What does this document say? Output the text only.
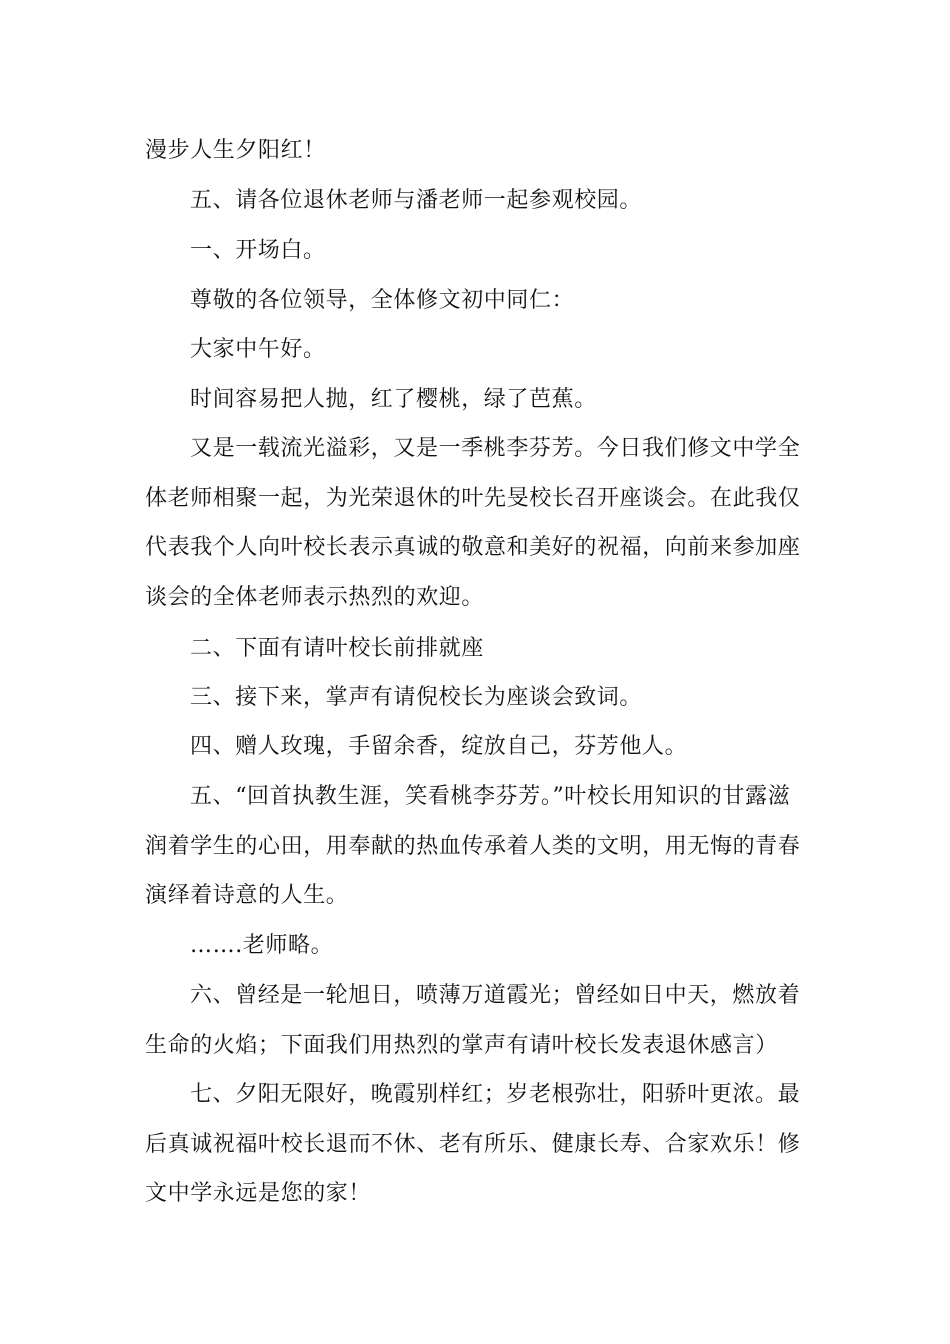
漫步人生夕阳红！

五、请各位退休老师与潘老师一起参观校园。

一、开场白。

尊敬的各位领导，全体修文初中同仁：

大家中午好。

时间容易把人抛，红了樱桃，绿了芭蕉。

又是一载流光溢彩，又是一季桃李芬芳。今日我们修文中学全体老师相聚一起，为光荣退休的叶先旻校长召开座谈会。在此我仅代表我个人向叶校长表示真诚的敬意和美好的祝福，向前来参加座谈会的全体老师表示热烈的欢迎。

二、下面有请叶校长前排就座

三、接下来，掌声有请倪校长为座谈会致词。

四、赠人玫瑰，手留余香，绽放自己，芬芳他人。

五、“回首执教生涯，笑看桃李芬芳。”叶校长用知识的甘露滋润着学生的心田，用奉献的热血传承着人类的文明，用无悔的青春演绎着诗意的人生。

…….老师略。

六、曾经是一轮旭日，喷薄万道霞光；曾经如日中天，燃放着生命的火焰；下面我们用热烈的掌声有请叶校长发表退休感言）

七、夕阳无限好，晚霞别样红；岁老根弥壮，阳骄叶更浓。最后真诚祝福叶校长退而不休、老有所乐、健康长寿、合家欢乐！修文中学永远是您的家！
